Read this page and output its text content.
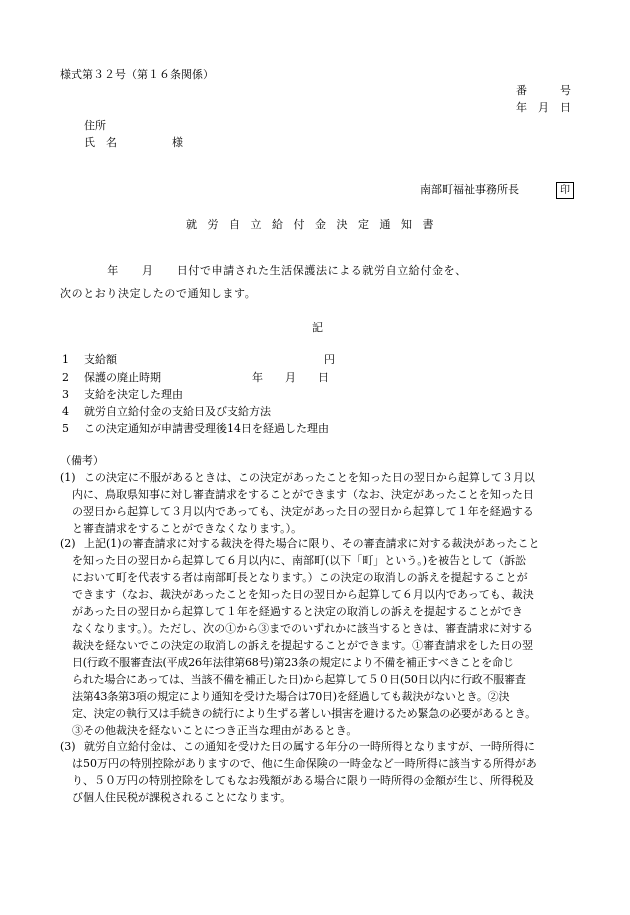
様式第３２号（第１６条関係）
番　　　号
年　月　日
住所
氏　名　　　　　様
南部町福祉事務所長	印
就労自立給付金決定通知書
　　年　　月　　日付で申請された生活保護法による就労自立給付金を、
次のとおり決定したので通知します。
記
1 支給額	円
2 保護の廃止時期	年　　月　　日
3 支給を決定した理由
4 就労自立給付金の支給日及び支給方法
5 この決定通知が申請書受理後14日を経過した理由
（備考）
(1) この決定に不服があるときは、この決定があったことを知った日の翌日から起算して３月以
内に、鳥取県知事に対し審査請求をすることができます（なお、決定があったことを知った日
の翌日から起算して３月以内であっても、決定があった日の翌日から起算して１年を経過する
と審査請求をすることができなくなります。）。
(2) 上記(1)の審査請求に対する裁決を得た場合に限り、その審査請求に対する裁決があったこと
を知った日の翌日から起算して６月以内に、南部町(以下「町」という。)を被告として（訴訟
において町を代表する者は南部町長となります。）この決定の取消しの訴えを提起することが
できます（なお、裁決があったことを知った日の翌日から起算して６月以内であっても、裁決
があった日の翌日から起算して１年を経過すると決定の取消しの訴えを提起することができ
なくなります。）。ただし、次の①から③までのいずれかに該当するときは、審査請求に対する
裁決を経ないでこの決定の取消しの訴えを提起することができます。①審査請求をした日の翌
日(行政不服審査法(平成26年法律第68号)第23条の規定により不備を補正すべきことを命じ
られた場合にあっては、当該不備を補正した日)から起算して５０日(50日以内に行政不服審査
法第43条第3項の規定により通知を受けた場合は70日)を経過しても裁決がないとき。②決
定、決定の執行又は手続きの続行により生ずる著しい損害を避けるため緊急の必要があるとき。
③その他裁決を経ないことにつき正当な理由があるとき。
(3) 就労自立給付金は、この通知を受けた日の属する年分の一時所得となりますが、一時所得に
は50万円の特別控除がありますので、他に生命保険の一時金など一時所得に該当する所得があ
り、５０万円の特別控除をしてもなお残額がある場合に限り一時所得の金額が生じ、所得税及
び個人住民税が課税されることになります。
